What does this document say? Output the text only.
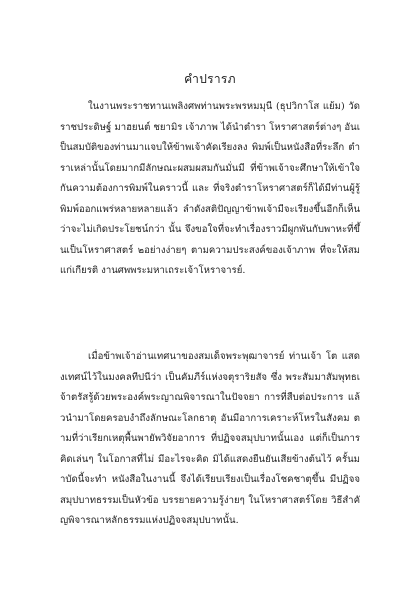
คำปรารภ

ในงานพระราชทานเพลิงศพท่านพระพรหมมุนี (ธุปวิกาโส แย้ม) วัดราชประดิษฐ์ มาฮยนต์ ชยามิร เจ้าภาพ ได้นำตำรา โหราศาสตร์ต่างๆ อันเป็นสมบัติของท่านมาแจบให้ข้าพเจ้าคัดเรียงลง พิมพ์เป็นหนังสือที่ระลึก ตำราเหล่านั้นโดยมากมีลักษณะผสมผสมกันมั่นมี ที่ข้าพเจ้าจะศึกษาให้เข้าใจกันความต้องการพิมพ์ในคราวนี้ และ ที่จริงตำราโหราศาสตร์ก็ได้มีท่านผู้รู้พิมพ์ออกแพร่หลายหลายแล้ว ลำดังสติปัญญาข้าพเจ้ามีจะเรียงขึ้นอีกก็เห็นว่าจะไม่เกิดประโยชน์กว่า นั้น จึงขอใจที่จะทำเรื่องราวมีผูกพันกับพาหะที่ขึ้นเป็นโหราศาสตร์ ๒อย่างง่ายๆ ตามความประสงค์ของเจ้าภาพ ที่จะให้สมแก่เกียรติ งานศพพระมหาเถระเจ้าโหราจารย์.

เมื่อข้าพเจ้าอ่านเทศนาของสมเด็จพระพุฒาจารย์ ท่านเจ้า โต แสดงเทศน์ไว้ในมงคลทีปนีว่า เป็นคัมภีร์แห่งจตุราริยสัจ ซึ่ง พระสัมมาสัมพุทธเจ้าตรัสรู้ด้วยพระองค์พระญาณพิจารณาในปัจจยา การที่สืบต่อประการ แล้วนำมาโดยครอบงำถึงลักษณะโลกธาตุ อันมีอาการเคราะห์โหรในสังคม ตามที่ว่าเรียกเหตุพื้นพายัพวิจัยอาการ ที่ปฏิจจสมุปบาทนั้นเอง แต่ก็เป็นการคิดเล่นๆ ในโอกาสที่ไม่ มีอะไรจะคิด มิได้แสดงยืนยันเสียข้างต้นไว้ ครั้นมาบัดนี้จะทำ หนังสือในงานนี้ จึงได้เรียบเรียงเป็นเรื่องโชคชาตุขึ้น มีปฏิจจ สมุปบาทธรรมเป็นหัวข้อ บรรยายความรู้ง่ายๆ ในโหราศาสตร์โดย วิธีสำคัญพิจารณาหลักธรรมแห่งปฏิจจสมุปบาทนั้น.
